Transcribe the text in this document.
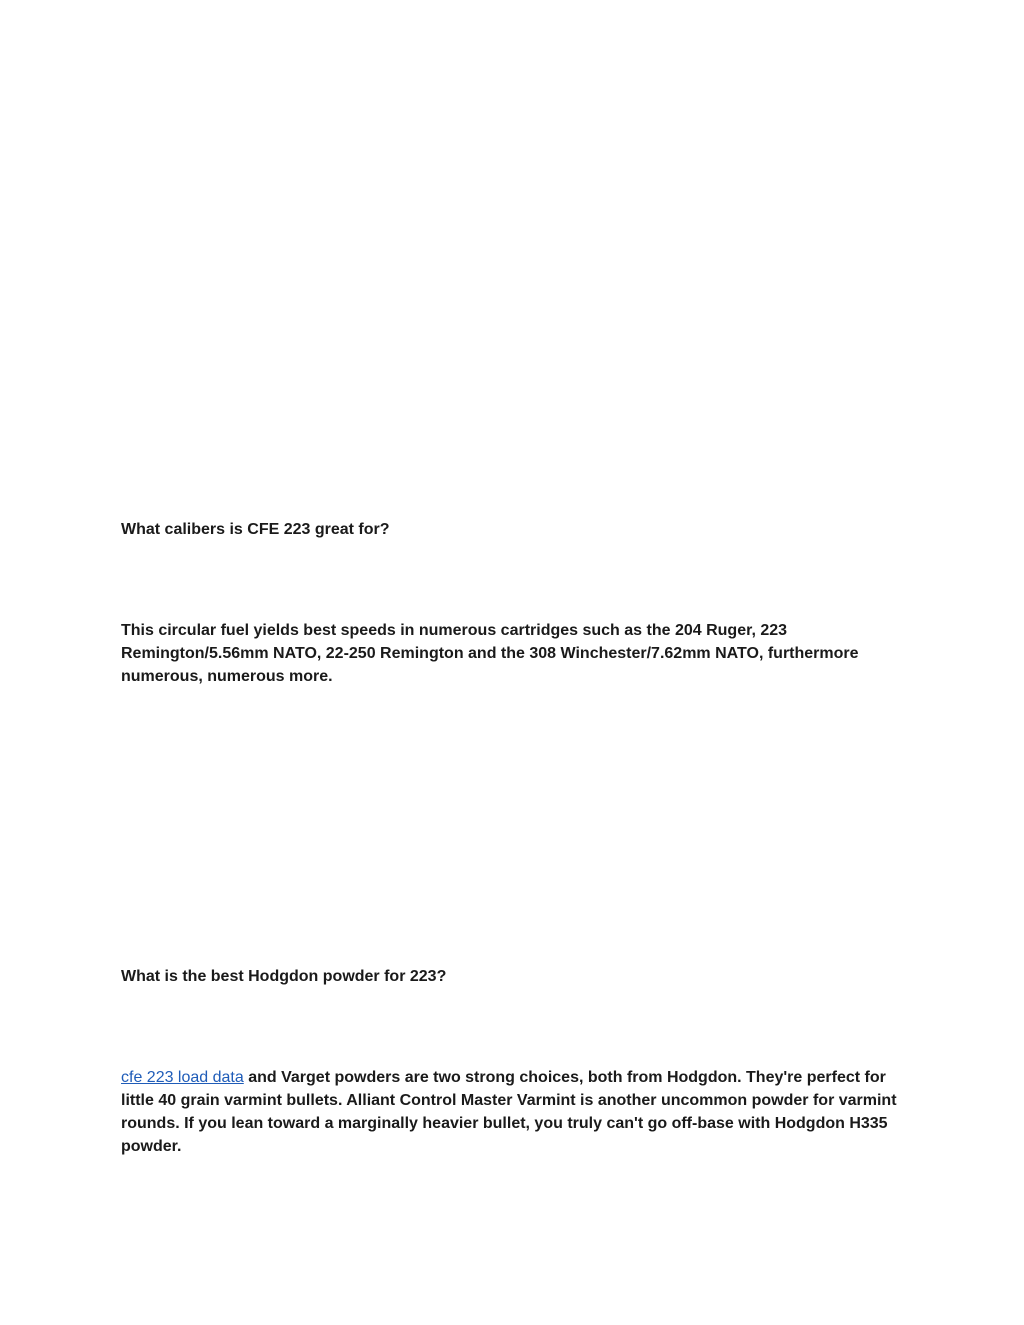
What calibers is CFE 223 great for?

This circular fuel yields best speeds in numerous cartridges such as the 204 Ruger, 223 Remington/5.56mm NATO, 22-250 Remington and the 308 Winchester/7.62mm NATO, furthermore numerous, numerous more.

What is the best Hodgdon powder for 223?

cfe 223 load data and Varget powders are two strong choices, both from Hodgdon. They're perfect for little 40 grain varmint bullets. Alliant Control Master Varmint is another uncommon powder for varmint rounds. If you lean toward a marginally heavier bullet, you truly can't go off-base with Hodgdon H335 powder.
